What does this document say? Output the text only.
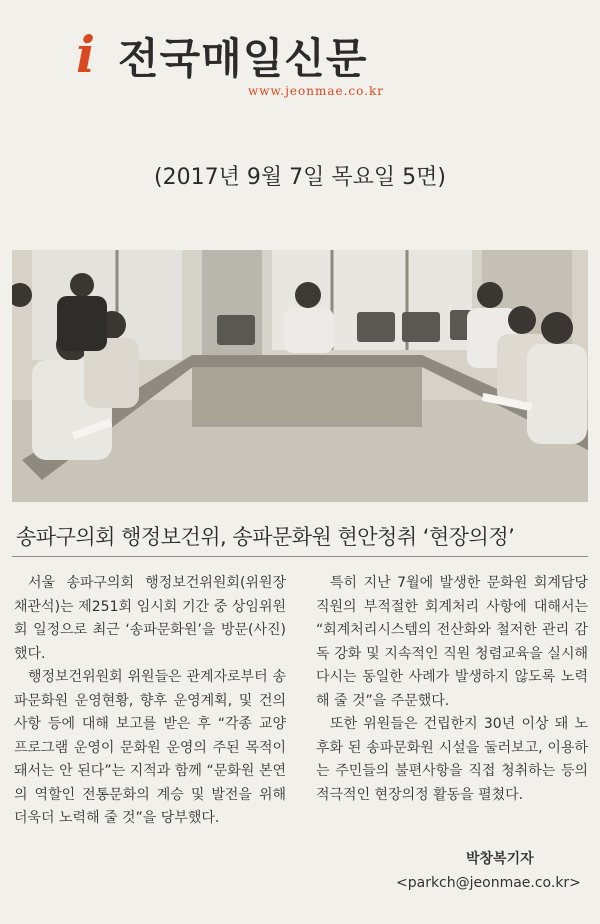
i 전국매일신문
www.jeonmae.co.kr
(2017년 9월 7일 목요일 5면)
송파구의회 행정보건위, 송파문화원 현안청취 ‘현장의정’

서울 송파구의회 행정보건위원회(위원장 채관석)는 제251회 임시회 기간 중 상임위원회 일정으로 최근 ‘송파문화원’을 방문(사진)했다.

행정보건위원회 위원들은 관계자로부터 송파문화원 운영현황, 향후 운영계획, 및 건의사항 등에 대해 보고를 받은 후 “각종 교양 프로그램 운영이 문화원 운영의 주된 목적이 돼서는 안 된다”는 지적과 함께 “문화원 본연의 역할인 전통문화의 계승 및 발전을 위해 더욱더 노력해 줄 것”을 당부했다.

특히 지난 7월에 발생한 문화원 회계담당 직원의 부적절한 회계처리 사항에 대해서는 “회계처리시스템의 전산화와 철저한 관리 감독 강화 및 지속적인 직원 청렴교육을 실시해 다시는 동일한 사례가 발생하지 않도록 노력해 줄 것”을 주문했다.

또한 위원들은 건립한지 30년 이상 돼 노후화 된 송파문화원 시설을 둘러보고, 이용하는 주민들의 불편사항을 직접 청취하는 등의 적극적인 현장의정 활동을 펼쳤다.

박창복기자
<parkch@jeonmae.co.kr>
